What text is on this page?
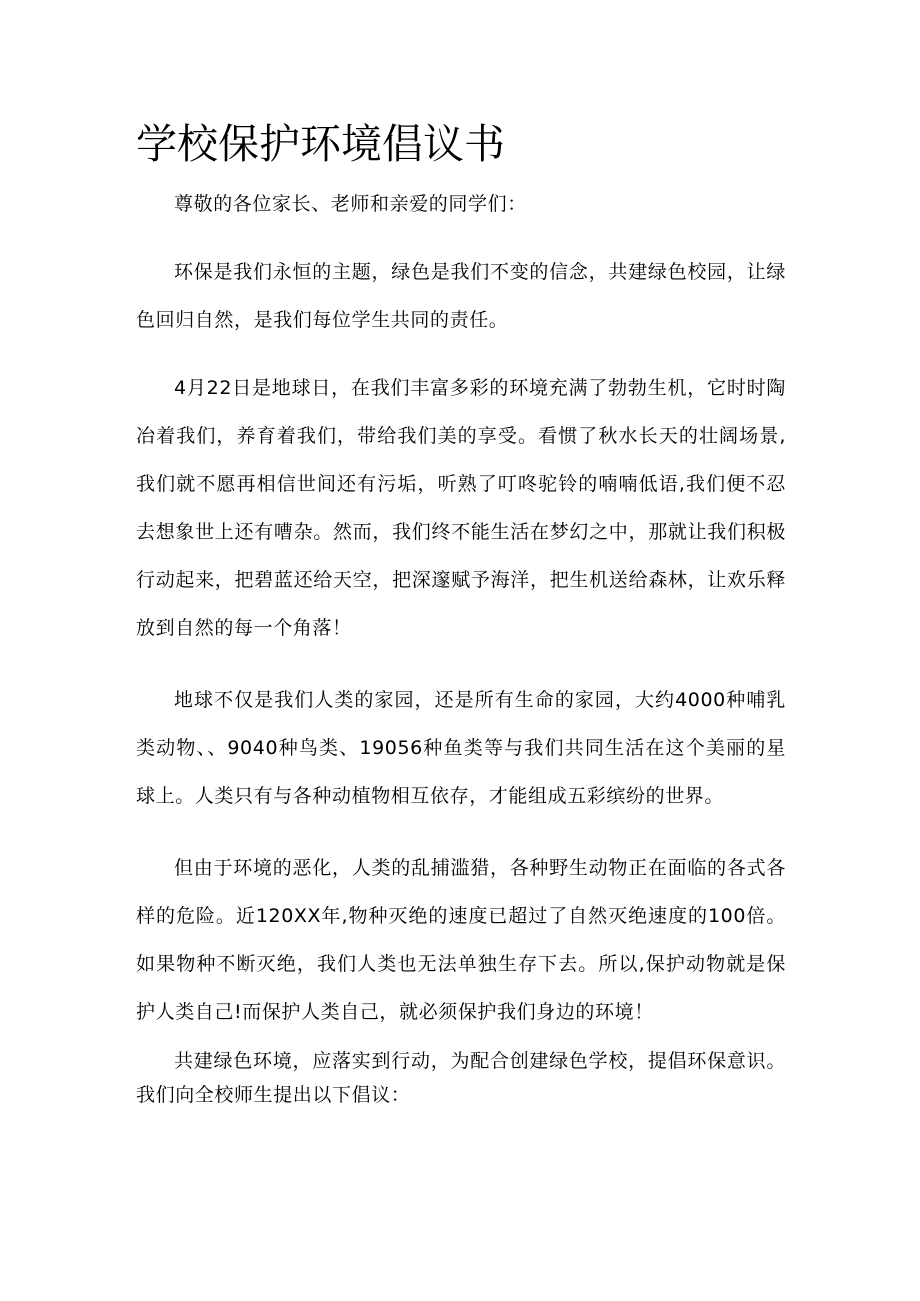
学校保护环境倡议书

尊敬的各位家长、老师和亲爱的同学们：

环保是我们永恒的主题，绿色是我们不变的信念，共建绿色校园，让绿色回归自然，是我们每位学生共同的责任。

4月22日是地球日，在我们丰富多彩的环境充满了勃勃生机，它时时陶冶着我们，养育着我们，带给我们美的享受。看惯了秋水长天的壮阔场景,我们就不愿再相信世间还有污垢，听熟了叮咚驼铃的喃喃低语,我们便不忍去想象世上还有嘈杂。然而，我们终不能生活在梦幻之中，那就让我们积极行动起来，把碧蓝还给天空，把深邃赋予海洋，把生机送给森林，让欢乐释放到自然的每一个角落！

地球不仅是我们人类的家园，还是所有生命的家园，大约4000种哺乳类动物、、9040种鸟类、19056种鱼类等与我们共同生活在这个美丽的星球上。人类只有与各种动植物相互依存，才能组成五彩缤纷的世界。

但由于环境的恶化，人类的乱捕滥猎，各种野生动物正在面临的各式各样的危险。近120XX年,物种灭绝的速度已超过了自然灭绝速度的100倍。如果物种不断灭绝，我们人类也无法单独生存下去。所以,保护动物就是保护人类自己!而保护人类自己，就必须保护我们身边的环境！

共建绿色环境，应落实到行动，为配合创建绿色学校，提倡环保意识。我们向全校师生提出以下倡议：
